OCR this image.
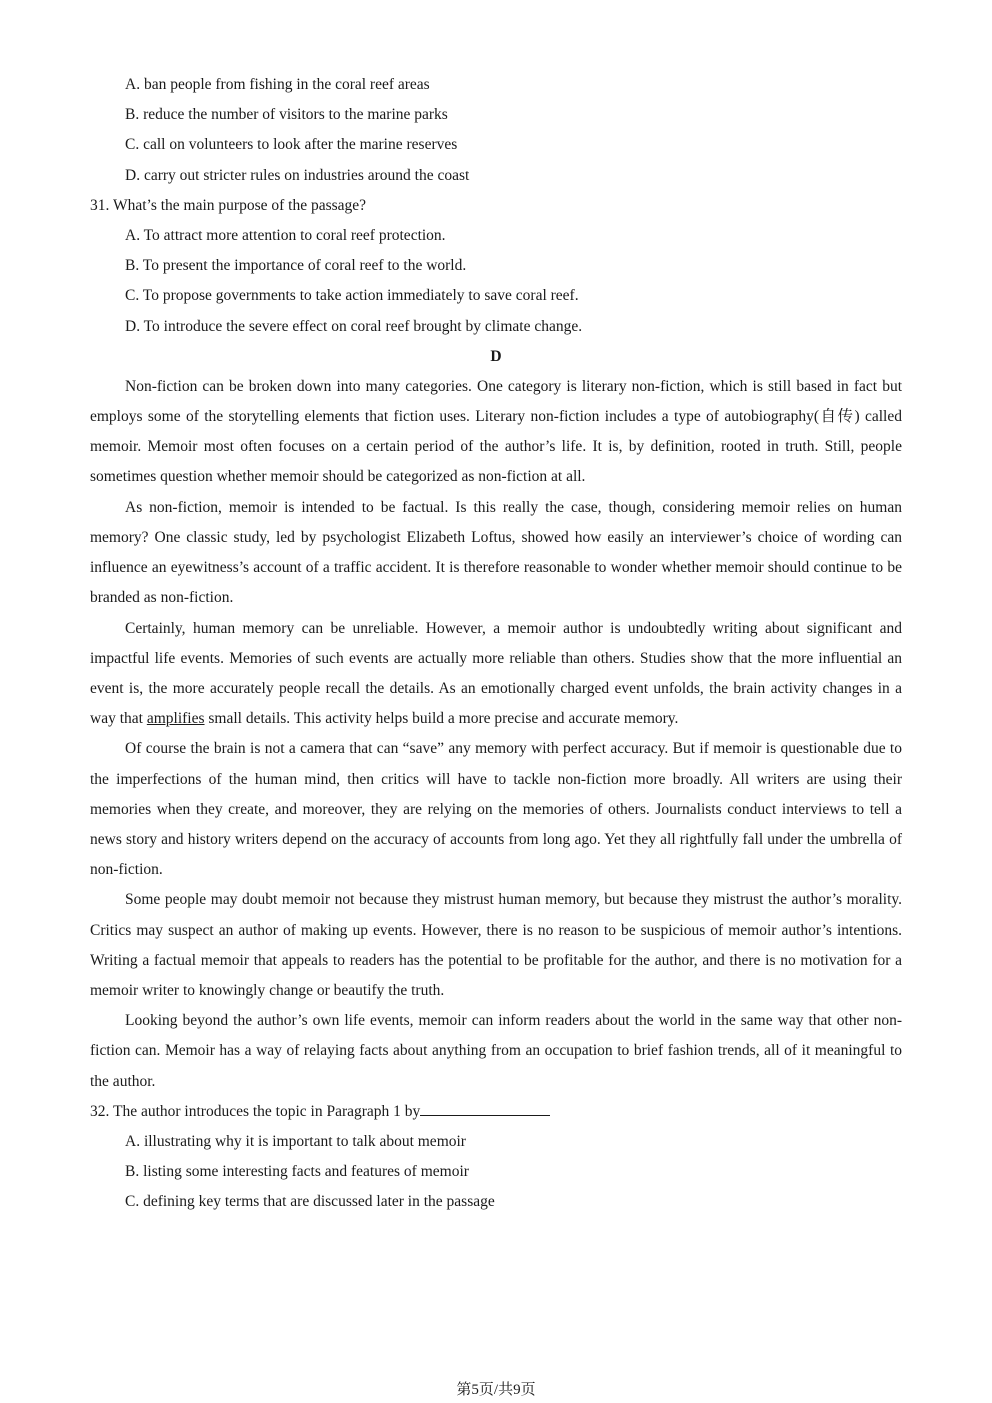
A. ban people from fishing in the coral reef areas
B. reduce the number of visitors to the marine parks
C. call on volunteers to look after the marine reserves
D. carry out stricter rules on industries around the coast
31. What’s the main purpose of the passage?
A. To attract more attention to coral reef protection.
B. To present the importance of coral reef to the world.
C. To propose governments to take action immediately to save coral reef.
D. To introduce the severe effect on coral reef brought by climate change.
D

Non-fiction can be broken down into many categories. One category is literary non-fiction, which is still based in fact but employs some of the storytelling elements that fiction uses. Literary non-fiction includes a type of autobiography(自传) called memoir. Memoir most often focuses on a certain period of the author’s life. It is, by definition, rooted in truth. Still, people sometimes question whether memoir should be categorized as non-fiction at all.

As non-fiction, memoir is intended to be factual. Is this really the case, though, considering memoir relies on human memory? One classic study, led by psychologist Elizabeth Loftus, showed how easily an interviewer’s choice of wording can influence an eyewitness’s account of a traffic accident. It is therefore reasonable to wonder whether memoir should continue to be branded as non-fiction.

Certainly, human memory can be unreliable. However, a memoir author is undoubtedly writing about significant and impactful life events. Memories of such events are actually more reliable than others. Studies show that the more influential an event is, the more accurately people recall the details. As an emotionally charged event unfolds, the brain activity changes in a way that amplifies small details. This activity helps build a more precise and accurate memory.

Of course the brain is not a camera that can “save” any memory with perfect accuracy. But if memoir is questionable due to the imperfections of the human mind, then critics will have to tackle non-fiction more broadly. All writers are using their memories when they create, and moreover, they are relying on the memories of others. Journalists conduct interviews to tell a news story and history writers depend on the accuracy of accounts from long ago. Yet they all rightfully fall under the umbrella of non-fiction.

Some people may doubt memoir not because they mistrust human memory, but because they mistrust the author’s morality. Critics may suspect an author of making up events. However, there is no reason to be suspicious of memoir author’s intentions. Writing a factual memoir that appeals to readers has the potential to be profitable for the author, and there is no motivation for a memoir writer to knowingly change or beautify the truth.

Looking beyond the author’s own life events, memoir can inform readers about the world in the same way that other non-fiction can. Memoir has a way of relaying facts about anything from an occupation to brief fashion trends, all of it meaningful to the author.

32. The author introduces the topic in Paragraph 1 by
A. illustrating why it is important to talk about memoir
B. listing some interesting facts and features of memoir
C. defining key terms that are discussed later in the passage
第5页/共9页
